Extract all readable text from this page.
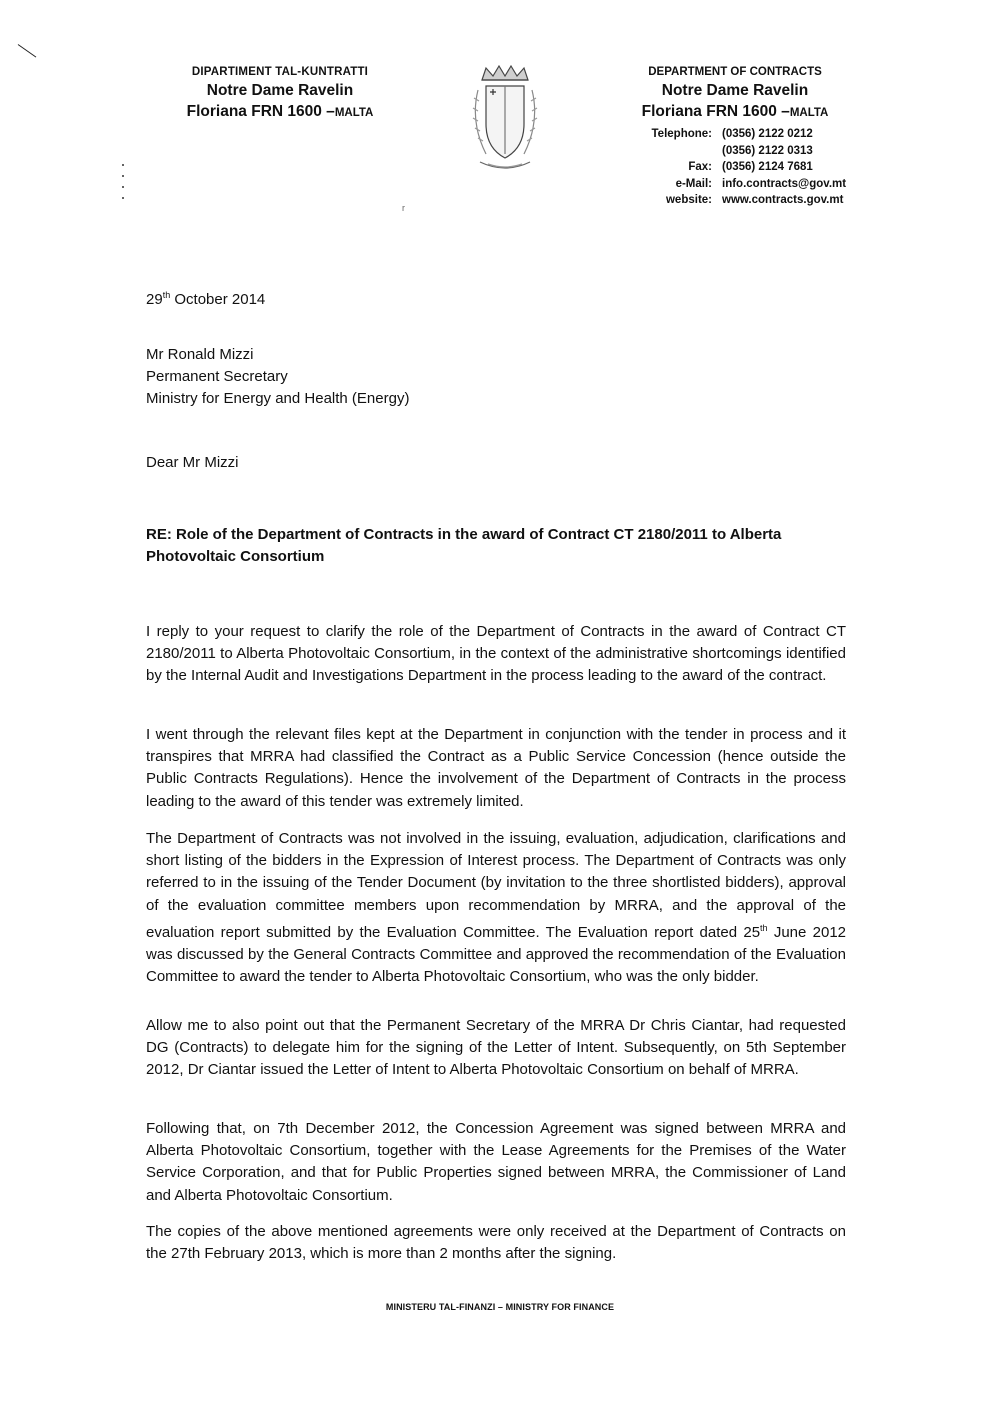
r
DIPARTIMENT TAL-KUNTRATTI
Notre Dame Ravelin
Floriana FRN 1600 –MALTA
DEPARTMENT OF CONTRACTS
Notre Dame Ravelin
Floriana FRN 1600 –MALTA
Telephone: (0356) 2122 0212
(0356) 2122 0313
Fax: (0356) 2124 7681
e-Mail: info.contracts@gov.mt
website: www.contracts.gov.mt
29th October 2014
Mr Ronald Mizzi
Permanent Secretary
Ministry for Energy and Health (Energy)
Dear Mr Mizzi
RE: Role of the Department of Contracts in the award of Contract CT 2180/2011 to Alberta Photovoltaic Consortium
I reply to your request to clarify the role of the Department of Contracts in the award of Contract CT 2180/2011 to Alberta Photovoltaic Consortium, in the context of the administrative shortcomings identified by the Internal Audit and Investigations Department in the process leading to the award of the contract.
I went through the relevant files kept at the Department in conjunction with the tender in process and it transpires that MRRA had classified the Contract as a Public Service Concession (hence outside the Public Contracts Regulations). Hence the involvement of the Department of Contracts in the process leading to the award of this tender was extremely limited.
The Department of Contracts was not involved in the issuing, evaluation, adjudication, clarifications and short listing of the bidders in the Expression of Interest process. The Department of Contracts was only referred to in the issuing of the Tender Document (by invitation to the three shortlisted bidders), approval of the evaluation committee members upon recommendation by MRRA, and the approval of the evaluation report submitted by the Evaluation Committee. The Evaluation report dated 25th June 2012 was discussed by the General Contracts Committee and approved the recommendation of the Evaluation Committee to award the tender to Alberta Photovoltaic Consortium, who was the only bidder.
Allow me to also point out that the Permanent Secretary of the MRRA Dr Chris Ciantar, had requested DG (Contracts) to delegate him for the signing of the Letter of Intent. Subsequently, on 5th September 2012, Dr Ciantar issued the Letter of Intent to Alberta Photovoltaic Consortium on behalf of MRRA.
Following that, on 7th December 2012, the Concession Agreement was signed between MRRA and Alberta Photovoltaic Consortium, together with the Lease Agreements for the Premises of the Water Service Corporation, and that for Public Properties signed between MRRA, the Commissioner of Land and Alberta Photovoltaic Consortium.
The copies of the above mentioned agreements were only received at the Department of Contracts on the 27th February 2013, which is more than 2 months after the signing.
MINISTERU TAL-FINANZI – MINISTRY FOR FINANCE
